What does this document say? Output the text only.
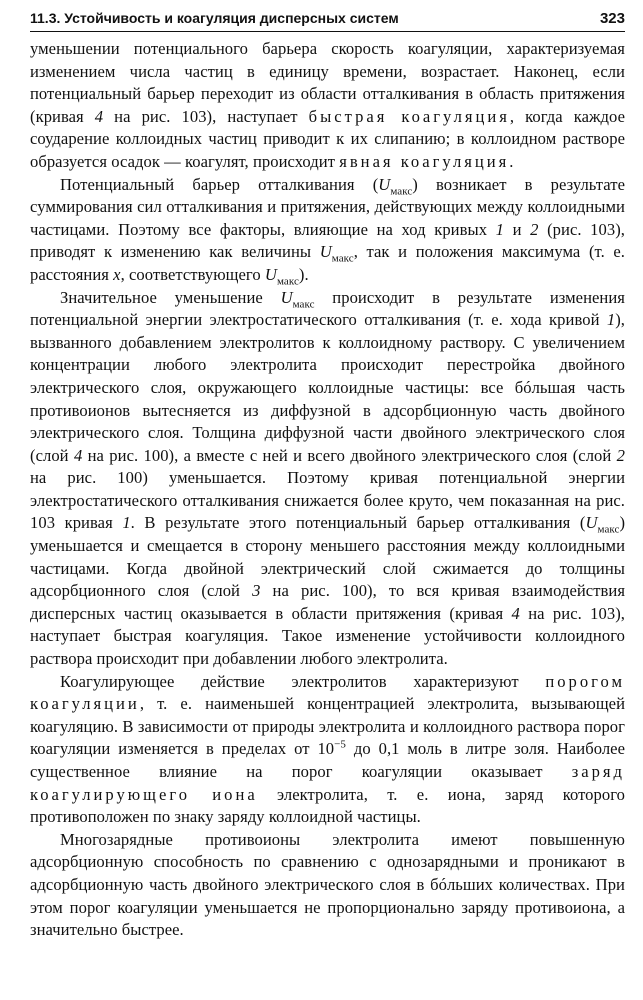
11.3. Устойчивость и коагуляция дисперсных систем	323

уменьшении потенциального барьера скорость коагуляции, характеризуемая изменением числа частиц в единицу времени, возрастает. Наконец, если потенциальный барьер переходит из области отталкивания в область притяжения (кривая 4 на рис. 103), наступает быстрая коагуляция, когда каждое соударение коллоидных частиц приводит к их слипанию; в коллоидном растворе образуется осадок — коагулят, происходит явная коагуляция.

Потенциальный барьер отталкивания $(U_{макс})$ возникает в результате суммирования сил отталкивания и притяжения, действующих между коллоидными частицами. Поэтому все факторы, влияющие на ход кривых 1 и 2 (рис. 103), приводят к изменению как величины $U_{макс}$, так и положения максимума (т. е. расстояния x, соответствующего $U_{макс}$).

Значительное уменьшение $U_{макс}$ происходит в результате изменения потенциальной энергии электростатического отталкивания (т. е. хода кривой 1), вызванного добавлением электролитов к коллоидному раствору. С увеличением концентрации любого электролита происходит перестройка двойного электрического слоя, окружающего коллоидные частицы: все бóльшая часть противоионов вытесняется из диффузной в адсорбционную часть двойного электрического слоя. Толщина диффузной части двойного электрического слоя (слой 4 на рис. 100), а вместе с ней и всего двойного электрического слоя (слой 2 на рис. 100) уменьшается. Поэтому кривая потенциальной энергии электростатического отталкивания снижается более круто, чем показанная на рис. 103 кривая 1. В результате этого потенциальный барьер отталкивания $(U_{макс})$ уменьшается и смещается в сторону меньшего расстояния между коллоидными частицами. Когда двойной электрический слой сжимается до толщины адсорбционного слоя (слой 3 на рис. 100), то вся кривая взаимодействия дисперсных частиц оказывается в области притяжения (кривая 4 на рис. 103), наступает быстрая коагуляция. Такое изменение устойчивости коллоидного раствора происходит при добавлении любого электролита.

Коагулирующее действие электролитов характеризуют порогом коагуляции, т. е. наименьшей концентрацией электролита, вызывающей коагуляцию. В зависимости от природы электролита и коллоидного раствора порог коагуляции изменяется в пределах от $10^{-5}$ до 0,1 моль в литре золя. Наиболее существенное влияние на порог коагуляции оказывает заряд коагулирующего иона электролита, т. е. иона, заряд которого противоположен по знаку заряду коллоидной частицы.

Многозарядные противоионы электролита имеют повышенную адсорбционную способность по сравнению с однозарядными и проникают в адсорбционную часть двойного электрического слоя в бóльших количествах. При этом порог коагуляции уменьшается не пропорционально заряду противоиона, а значительно быстрее.
